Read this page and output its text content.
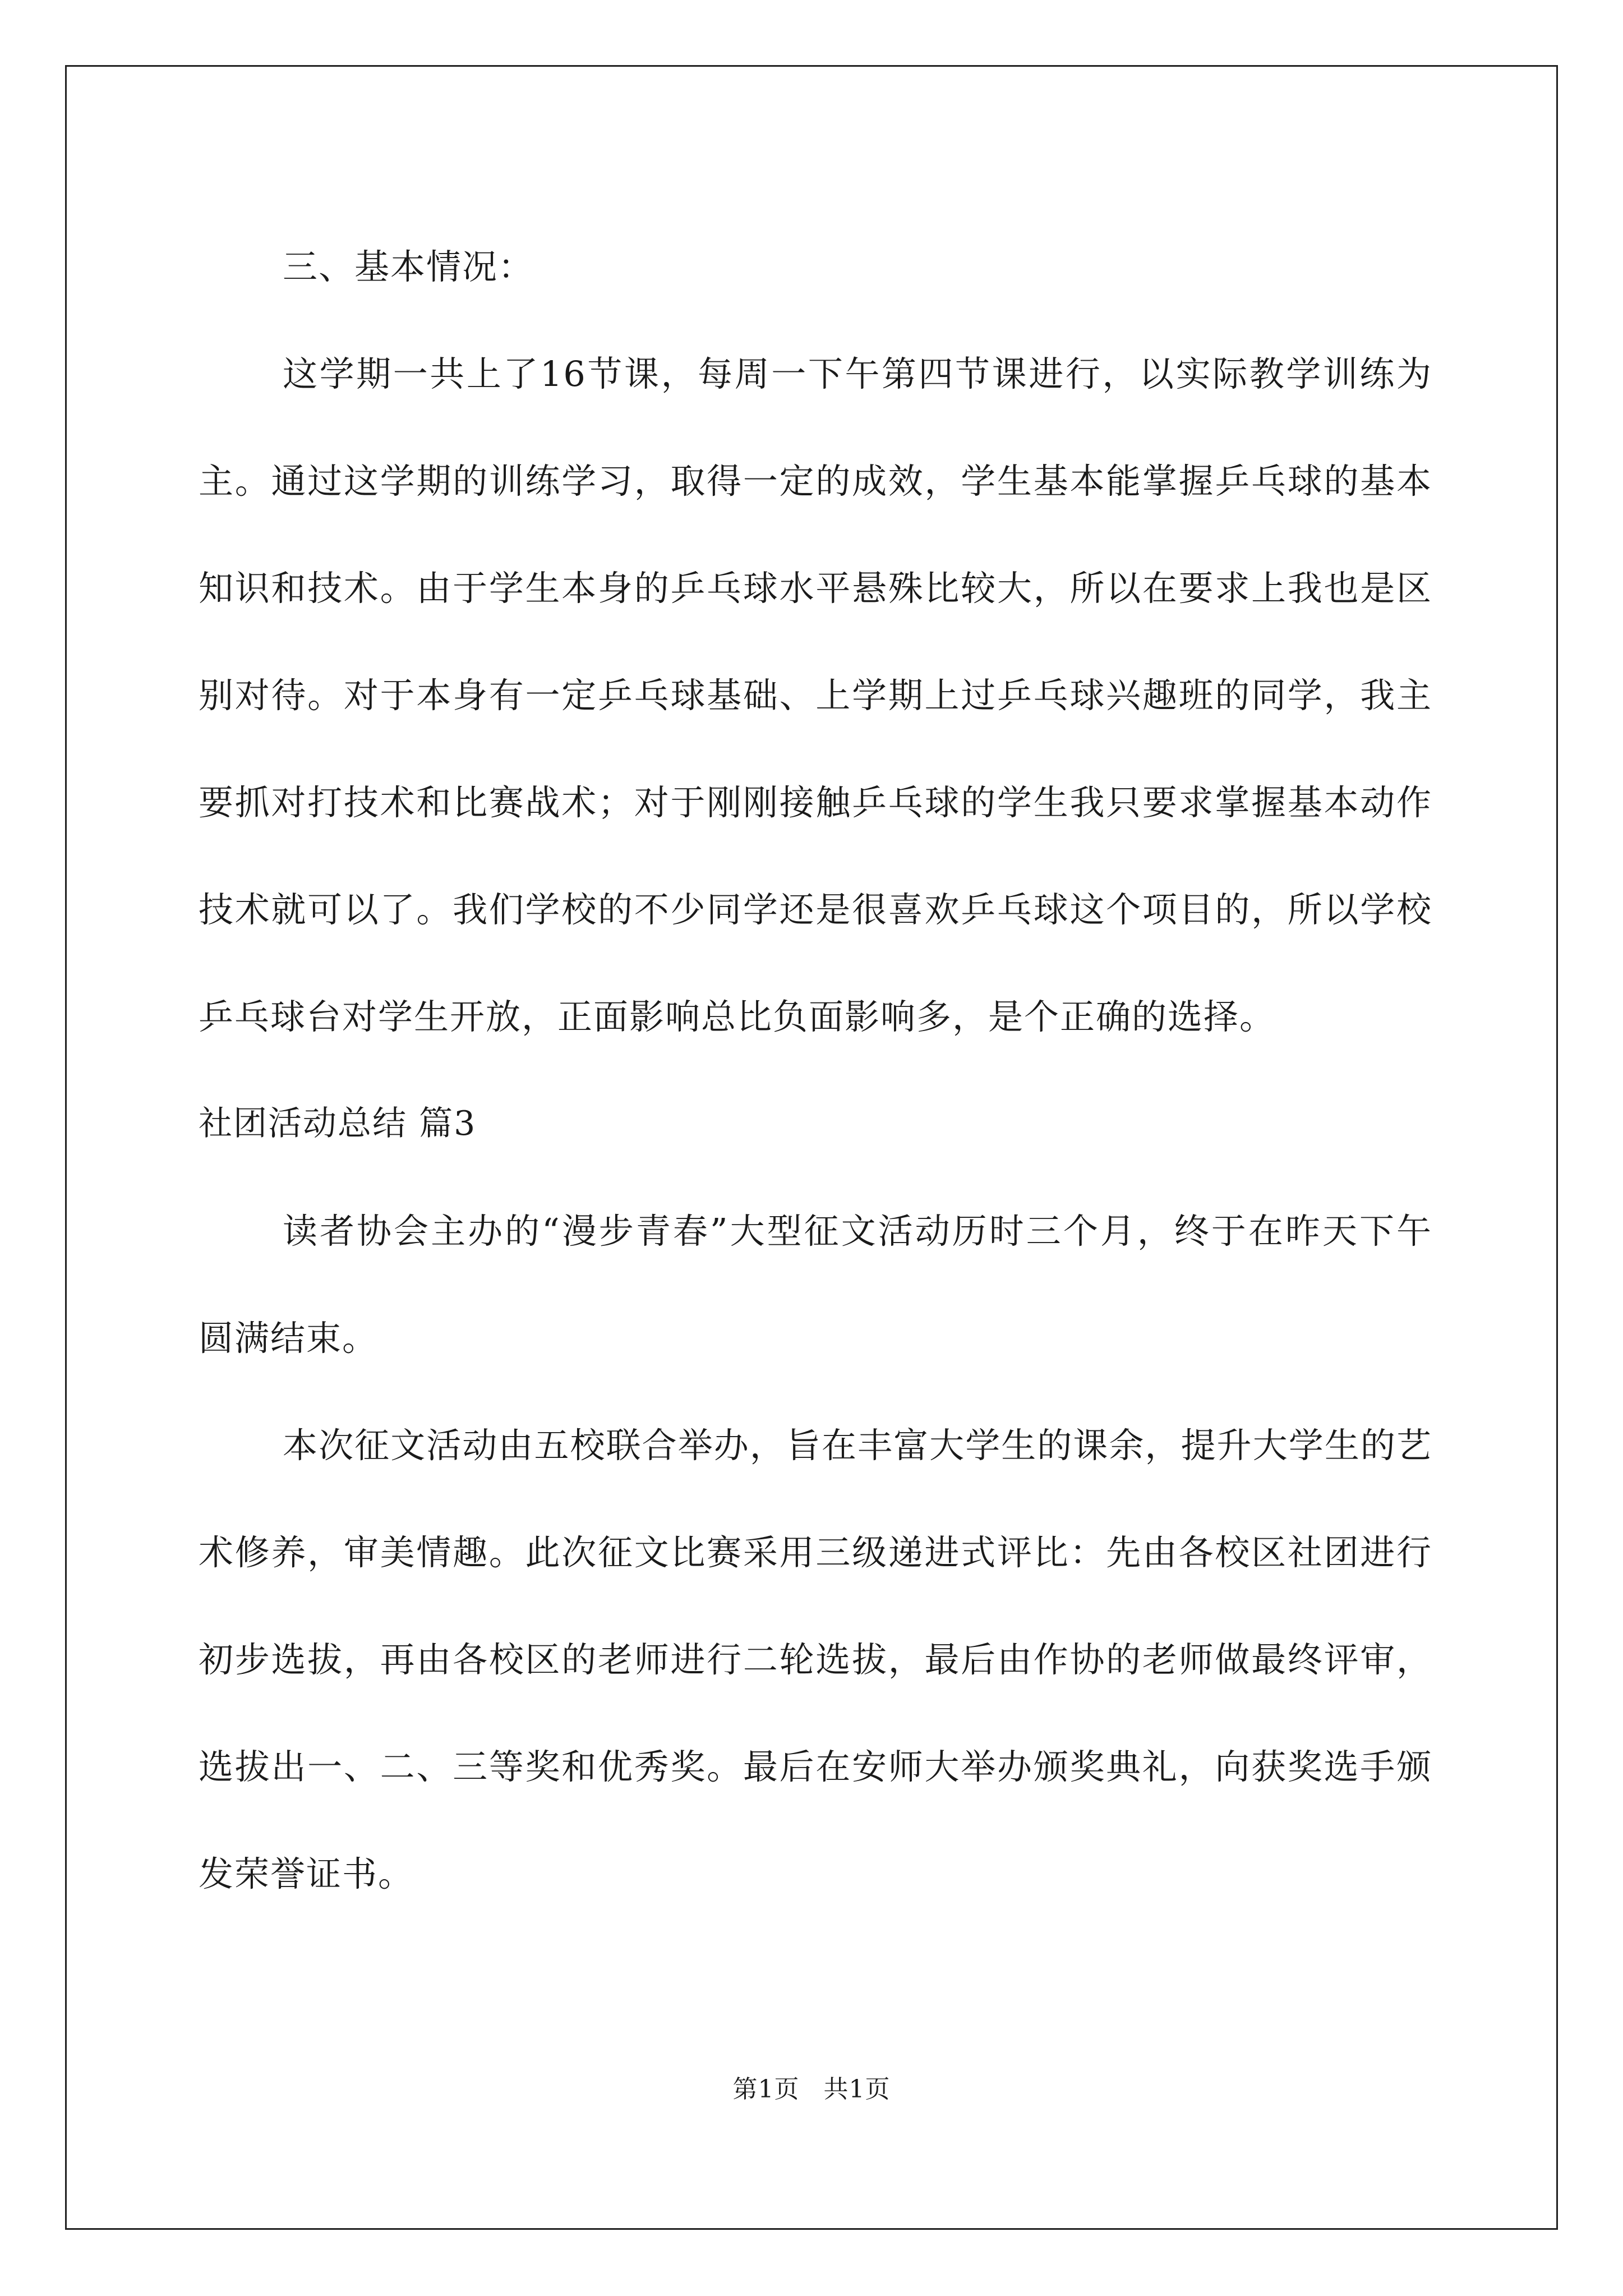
三、基本情况：

这学期一共上了16节课，每周一下午第四节课进行，以实际教学训练为主。通过这学期的训练学习，取得一定的成效，学生基本能掌握乒乓球的基本知识和技术。由于学生本身的乒乓球水平悬殊比较大，所以在要求上我也是区别对待。对于本身有一定乒乓球基础、上学期上过乒乓球兴趣班的同学，我主要抓对打技术和比赛战术；对于刚刚接触乒乓球的学生我只要求掌握基本动作技术就可以了。我们学校的不少同学还是很喜欢乒乓球这个项目的，所以学校乒乓球台对学生开放，正面影响总比负面影响多，是个正确的选择。

社团活动总结 篇3

读者协会主办的“漫步青春”大型征文活动历时三个月，终于在昨天下午圆满结束。

本次征文活动由五校联合举办，旨在丰富大学生的课余，提升大学生的艺术修养，审美情趣。此次征文比赛采用三级递进式评比：先由各校区社团进行初步选拔，再由各校区的老师进行二轮选拔，最后由作协的老师做最终评审，选拔出一、二、三等奖和优秀奖。最后在安师大举办颁奖典礼，向获奖选手颁发荣誉证书。

第1页 共1页
